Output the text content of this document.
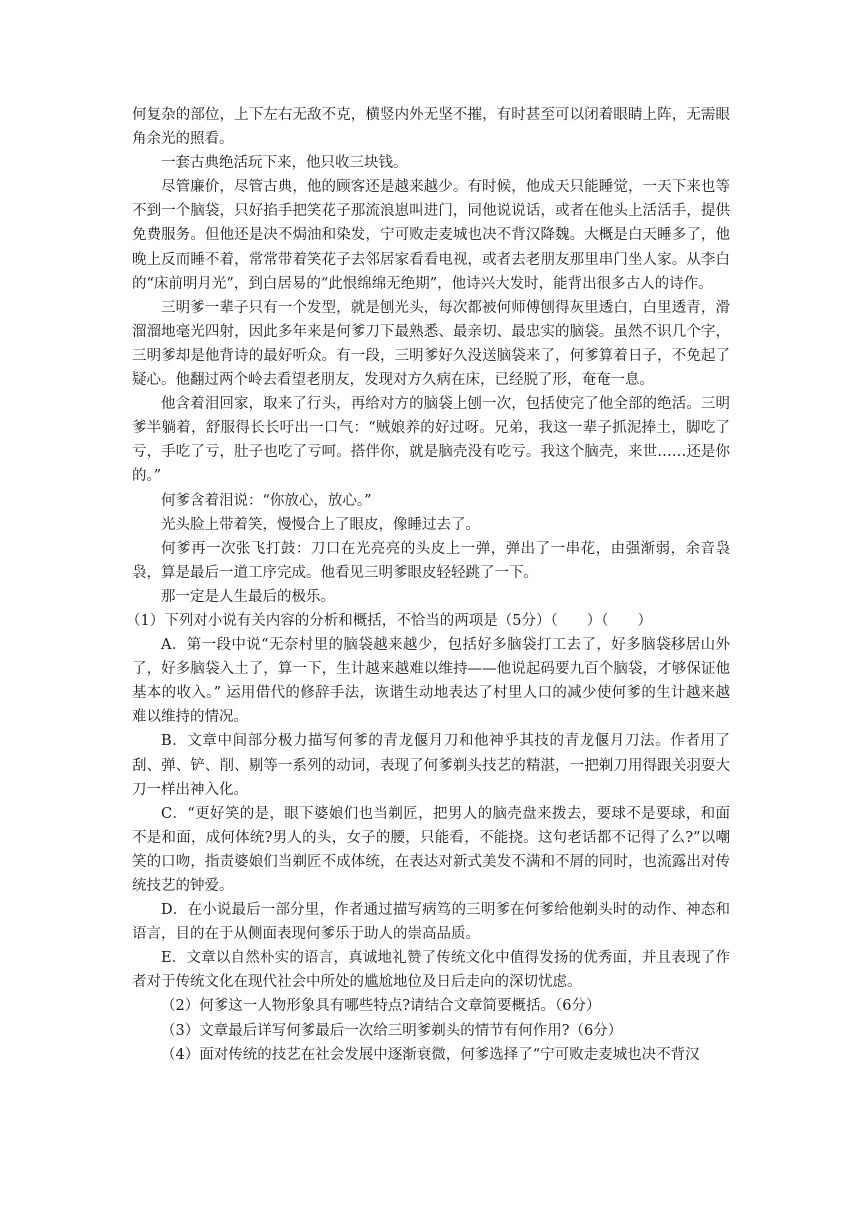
何复杂的部位，上下左右无敌不克，横竖内外无坚不摧，有时甚至可以闭着眼睛上阵，无需眼角余光的照看。

一套古典绝活玩下来，他只收三块钱。

尽管廉价，尽管古典，他的顾客还是越来越少。有时候，他成天只能睡觉，一天下来也等不到一个脑袋，只好掐手把笑花子那流浪崽叫进门，同他说说话，或者在他头上活活手，提供免费服务。但他还是决不焗油和染发，宁可败走麦城也决不背汉降魏。大概是白天睡多了，他晚上反而睡不着，常常带着笑花子去邻居家看看电视，或者去老朋友那里串门坐人家。从李白的“床前明月光”，到白居易的“此恨绵绵无绝期”，他诗兴大发时，能背出很多古人的诗作。

三明爹一辈子只有一个发型，就是刨光头，每次都被何师傅刨得灰里透白，白里透青，滑溜溜地毫光四射，因此多年来是何爹刀下最熟悉、最亲切、最忠实的脑袋。虽然不识几个字，三明爹却是他背诗的最好听众。有一段，三明爹好久没送脑袋来了，何爹算着日子，不免起了疑心。他翻过两个岭去看望老朋友，发现对方久病在床，已经脱了形，奄奄一息。

他含着泪回家，取来了行头，再给对方的脑袋上刨一次，包括使完了他全部的绝活。三明爹半躺着，舒服得长长吁出一口气：“贼娘养的好过呀。兄弟，我这一辈子抓泥捧土，脚吃了亏，手吃了亏，肚子也吃了亏呵。搭伴你，就是脑壳没有吃亏。我这个脑壳，来世……还是你的。”

何爹含着泪说：“你放心，放心。”

光头脸上带着笑，慢慢合上了眼皮，像睡过去了。

何爹再一次张飞打鼓：刀口在光亮亮的头皮上一弹，弹出了一串花，由强渐弱，余音袅袅，算是最后一道工序完成。他看见三明爹眼皮轻轻跳了一下。

那一定是人生最后的极乐。

（1）下列对小说有关内容的分析和概括，不恰当的两项是（5分）（　　）（　　）

A．第一段中说“无奈村里的脑袋越来越少，包括好多脑袋打工去了，好多脑袋移居山外了，好多脑袋入土了，算一下，生计越来越难以维持——他说起码要九百个脑袋，才够保证他基本的收入。” 运用借代的修辞手法，诙谐生动地表达了村里人口的减少使何爹的生计越来越难以维持的情况。

B．文章中间部分极力描写何爹的青龙偃月刀和他神乎其技的青龙偃月刀法。作者用了刮、弹、铲、削、剔等一系列的动词，表现了何爹剃头技艺的精湛，一把剃刀用得跟关羽耍大刀一样出神入化。

C．“更好笑的是，眼下婆娘们也当剃匠，把男人的脑壳盘来拨去，要球不是要球，和面不是和面，成何体统?男人的头，女子的腰，只能看，不能挠。这句老话都不记得了么?”以嘲笑的口吻，指责婆娘们当剃匠不成体统，在表达对新式美发不满和不屑的同时，也流露出对传统技艺的钟爱。

D．在小说最后一部分里，作者通过描写病笃的三明爹在何爹给他剃头时的动作、神态和语言，目的在于从侧面表现何爹乐于助人的崇高品质。

E．文章以自然朴实的语言，真诚地礼赞了传统文化中值得发扬的优秀面，并且表现了作者对于传统文化在现代社会中所处的尴尬地位及日后走向的深切忧虑。

（2）何爹这一人物形象具有哪些特点?请结合文章简要概括。（6分）

（3）文章最后详写何爹最后一次给三明爹剃头的情节有何作用?（6分）

（4）面对传统的技艺在社会发展中逐渐衰微，何爹选择了“宁可败走麦城也决不背汉
